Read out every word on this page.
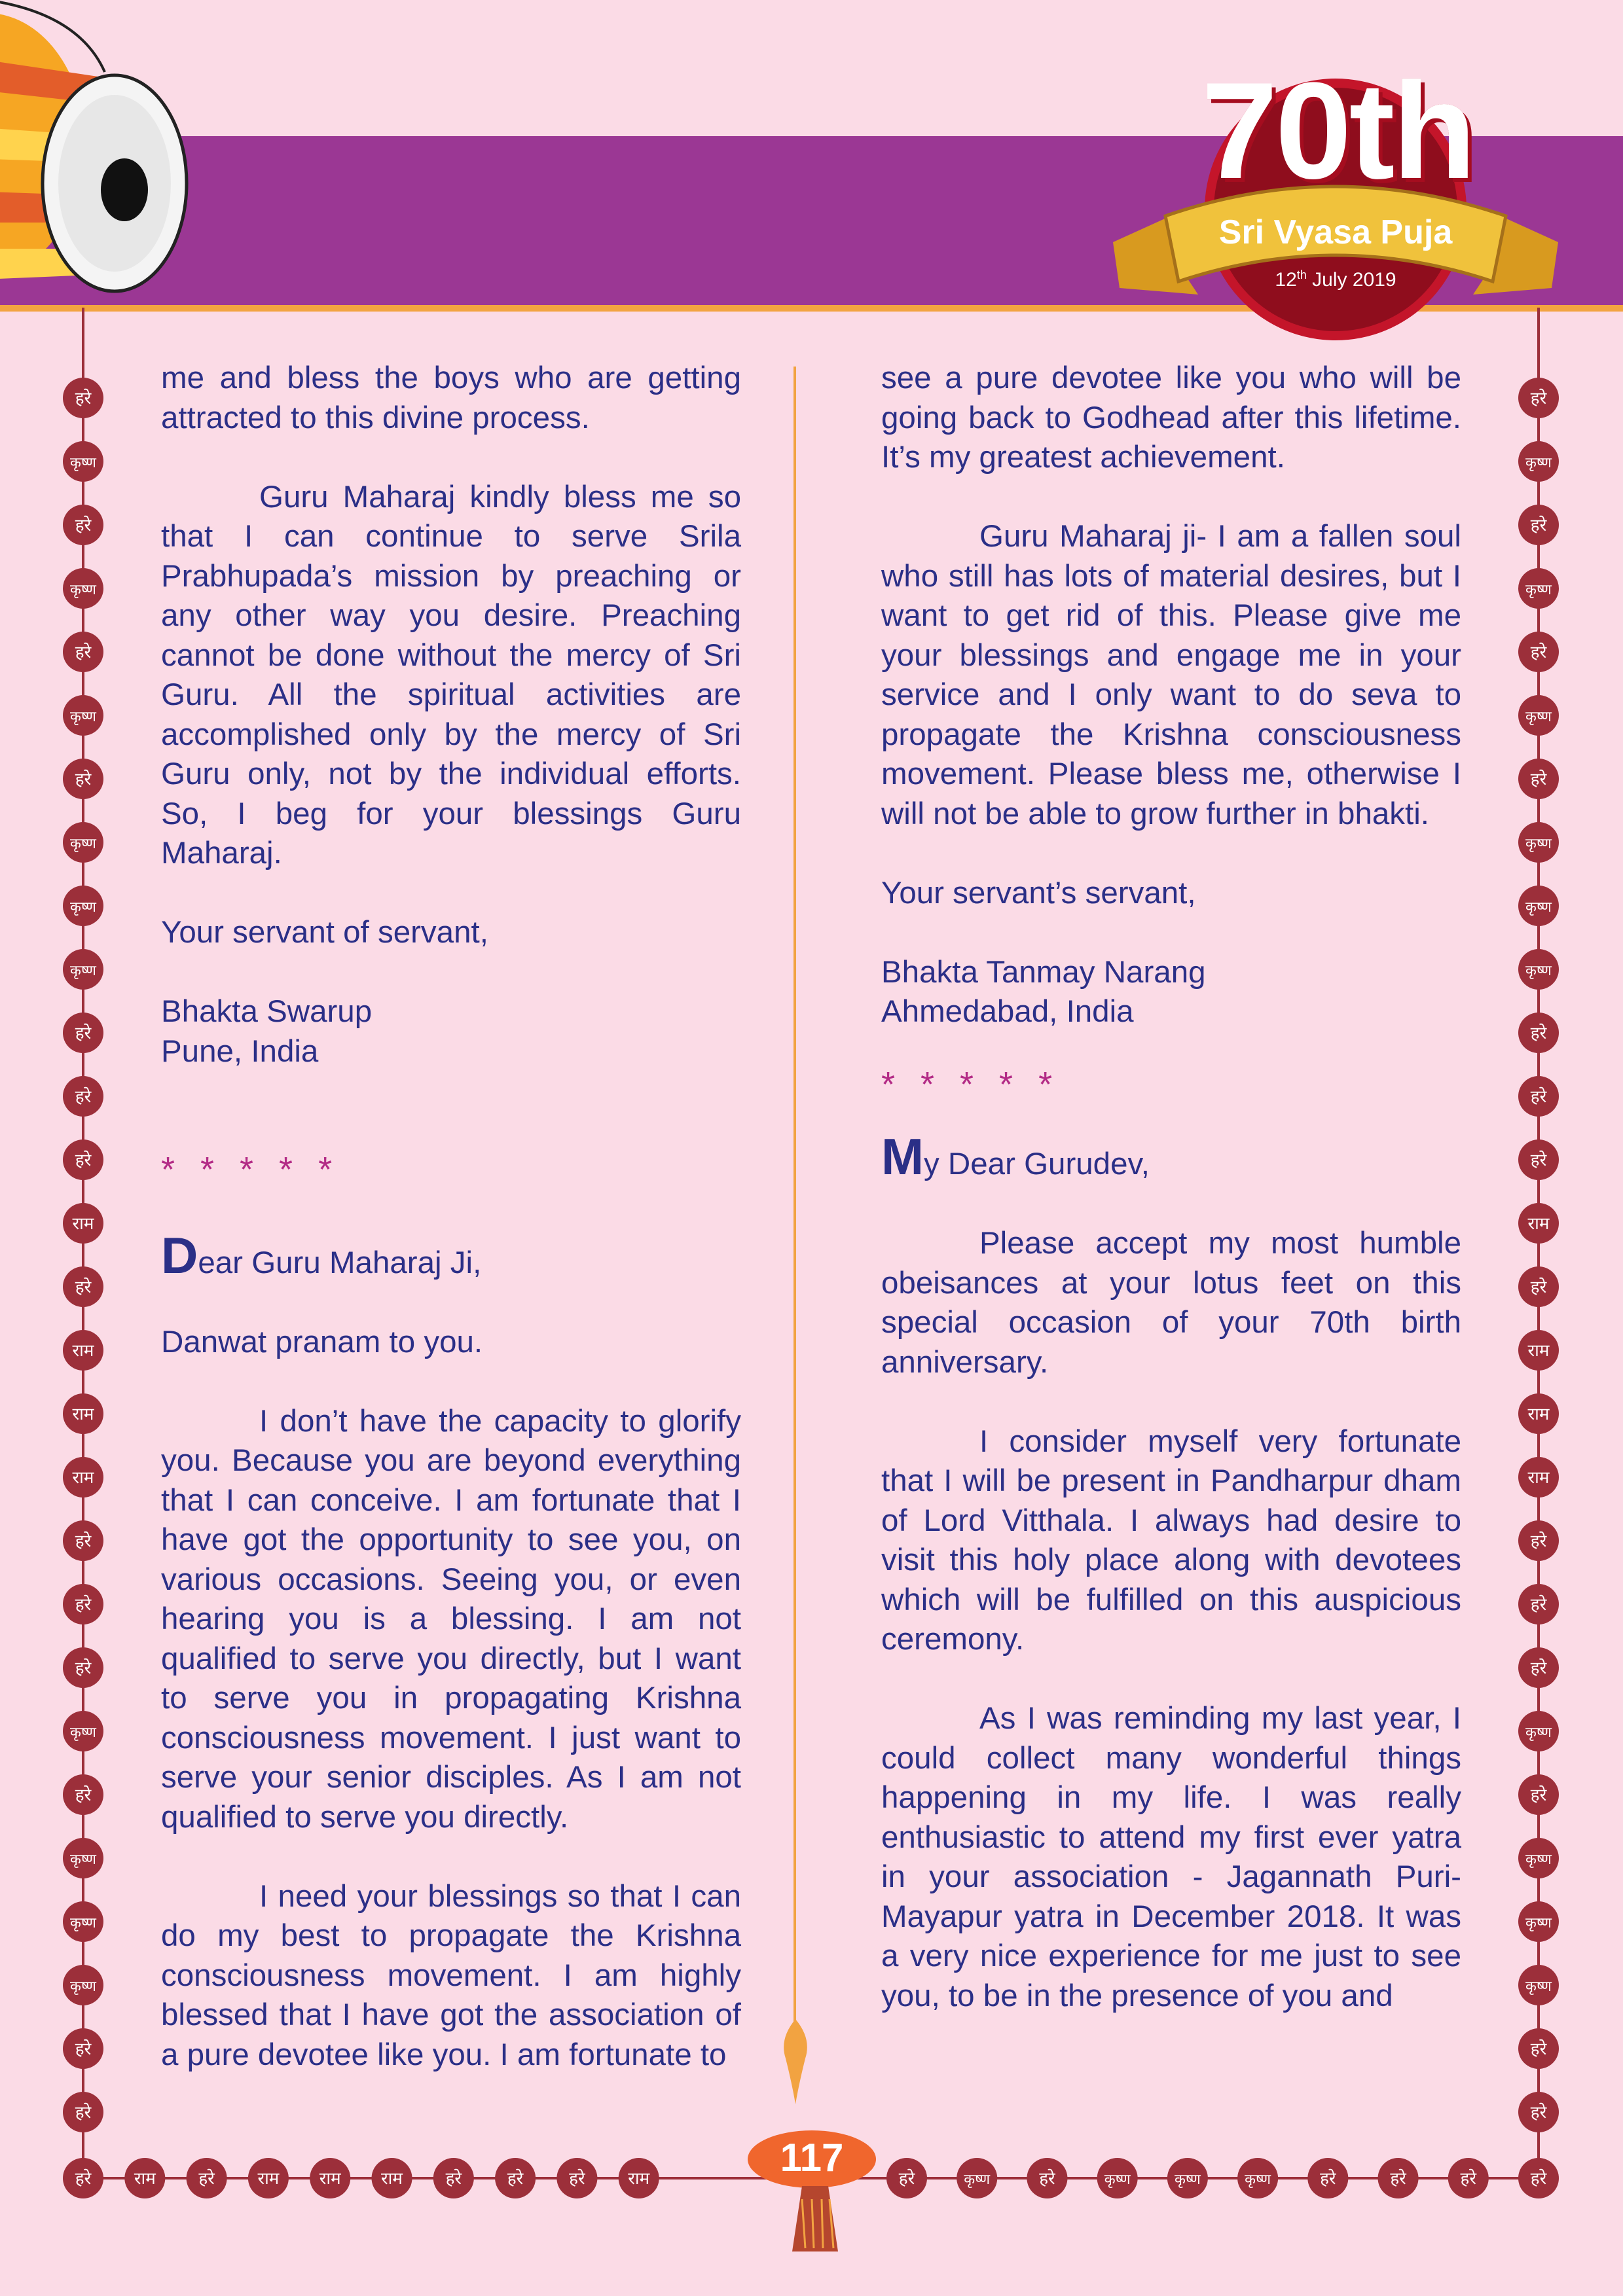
70th
Sri Vyasa Puja
12th July 2019
हरे
कृष्ण
हरे
कृष्ण
हरे
कृष्ण
हरे
कृष्ण
कृष्ण
कृष्ण
हरे
हरे
हरे
राम
हरे
राम
राम
राम
हरे
हरे
हरे
कृष्ण
हरे
कृष्ण
कृष्ण
कृष्ण
हरे
हरे
हरे
कृष्ण
हरे
कृष्ण
हरे
कृष्ण
हरे
कृष्ण
कृष्ण
कृष्ण
हरे
हरे
हरे
राम
हरे
राम
राम
राम
हरे
हरे
हरे
कृष्ण
हरे
कृष्ण
कृष्ण
कृष्ण
हरे
हरे
हरे	राम	हरे	राम राम राम	हरे	हरे	हरे	राम	हरे	कृष्ण	हरे	कृष्ण	कृष्ण	कृष्ण	हरे	हरे	हरे	हरे

me and bless the boys who are getting attracted to this divine process.

Guru Maharaj kindly bless me so that I can continue to serve Srila Prabhupada’s mission by preaching or any other way you desire. Preaching cannot be done without the mercy of Sri Guru. All the spiritual activities are accomplished only by the mercy of Sri Guru only, not by the individual efforts. So, I beg for your blessings Guru Maharaj.

Your servant of servant,

Bhakta Swarup

Pune, India

* * * * *

Dear Guru Maharaj Ji,

Danwat pranam to you.

I don’t have the capacity to glorify you. Because you are beyond everything that I can conceive. I am fortunate that I have got the opportunity to see you, on various occasions. Seeing you, or even hearing you is a blessing. I am not qualified to serve you directly, but I want to serve you in propagating Krishna consciousness movement. I just want to serve your senior disciples. As I am not qualified to serve you directly.

I need your blessings so that I can do my best to propagate the Krishna consciousness movement. I am highly blessed that I have got the association of a pure devotee like you. I am fortunate to

see a pure devotee like you who will be going back to Godhead after this lifetime. It’s my greatest achievement.

Guru Maharaj ji- I am a fallen soul who still has lots of material desires, but I want to get rid of this. Please give me your blessings and engage me in your service and I only want to do seva to propagate the Krishna consciousness movement. Please bless me, otherwise I will not be able to grow further in bhakti.

Your servant’s servant,

Bhakta Tanmay Narang

Ahmedabad, India

* * * * *

My Dear Gurudev,

Please accept my most humble obeisances at your lotus feet on this special occasion of your 70th birth anniversary.

I consider myself very fortunate that I will be present in Pandharpur dham of Lord Vitthala. I always had desire to visit this holy place along with devotees which will be fulfilled on this auspicious ceremony.

As I was reminding my last year, I could collect many wonderful things happening in my life. I was really enthusiastic to attend my first ever yatra in your association - Jagannath Puri-Mayapur yatra in December 2018. It was a very nice experience for me just to see you, to be in the presence of you and

117
